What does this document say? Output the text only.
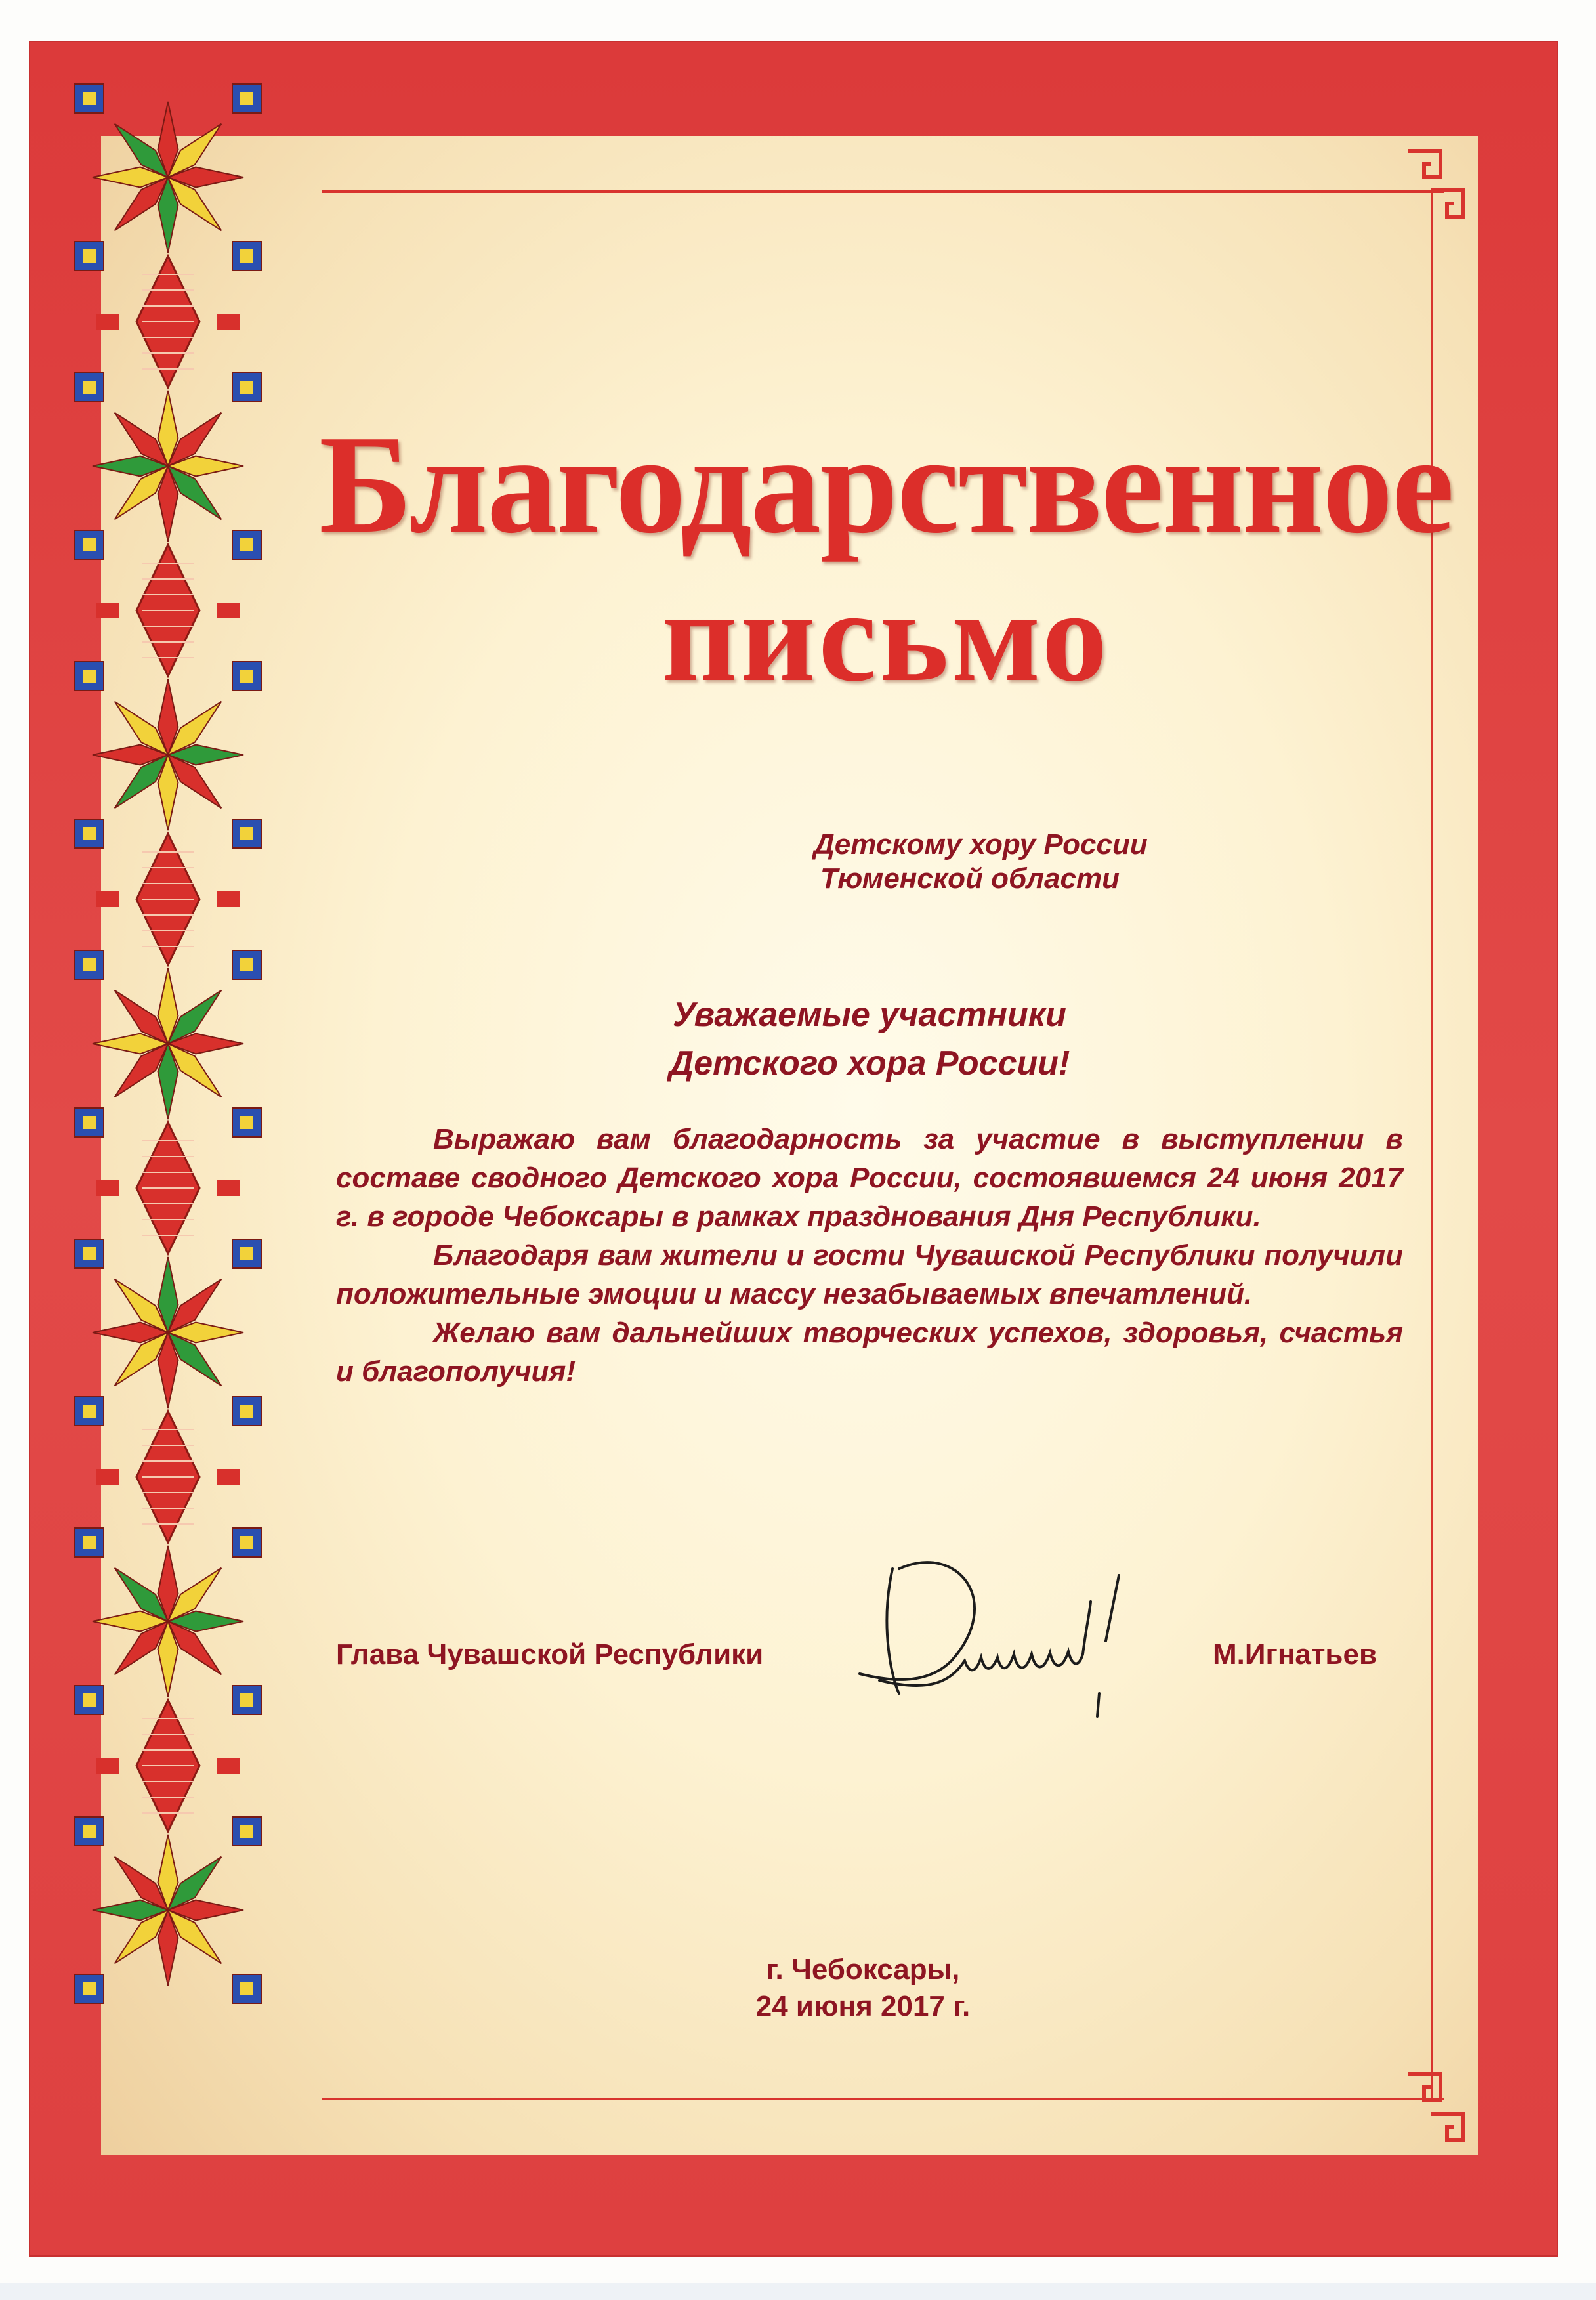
Благодарственное
письмо
Детскому хору России
Тюменской области
Уважаемые участники
Детского хора России!

Выражаю вам благодарность за участие в выступлении в составе сводного Детского хора России, состоявшемся 24 июня 2017 г. в городе Чебоксары в рамках празднования Дня Республики.

Благодаря вам жители и гости Чувашской Республики получили положительные эмоции и массу незабываемых впечатлений.

Желаю вам дальнейших творческих успехов, здоровья, счастья и благополучия!

Глава Чувашской Республики	М.Игнатьев
г. Чебоксары,
24 июня 2017 г.
